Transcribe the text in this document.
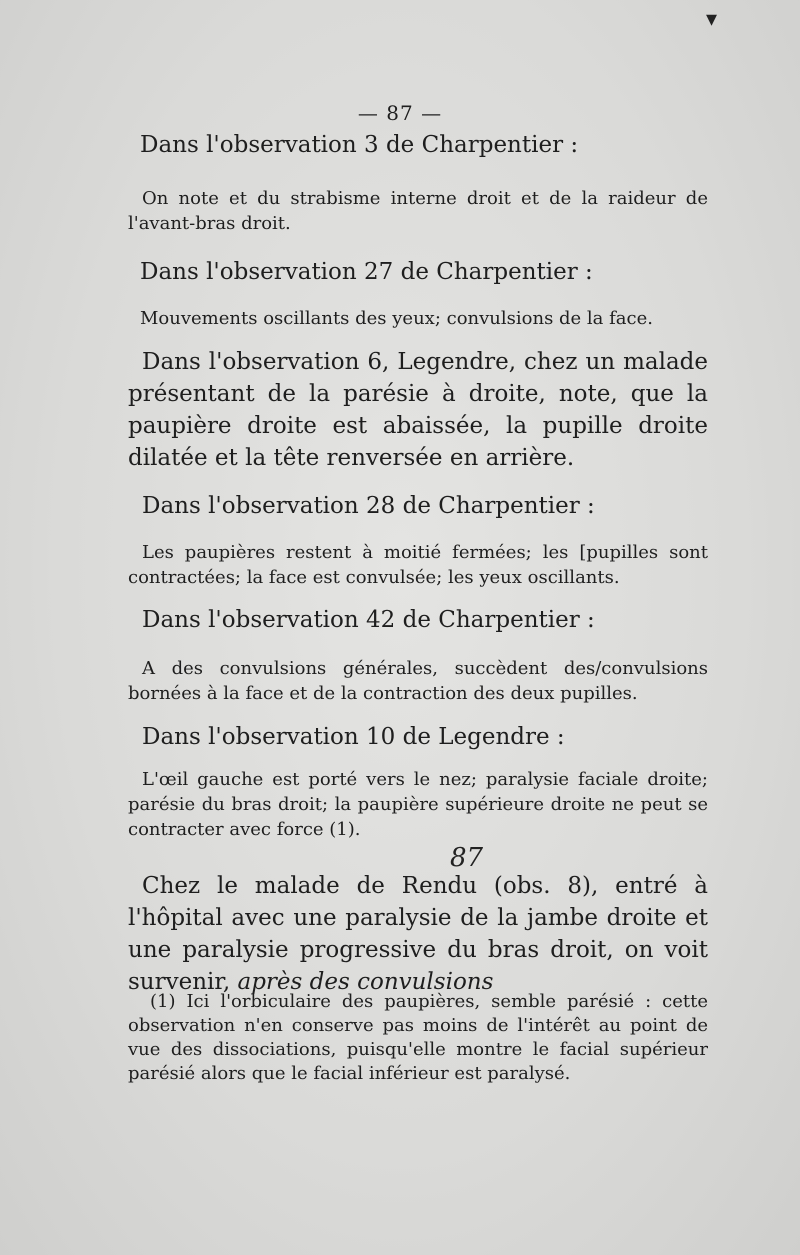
▾
— 87 —
Dans l'observation 3 de Charpentier :
On note et du strabisme interne droit et de la raideur de l'avant-bras droit.
Dans l'observation 27 de Charpentier :
Mouvements oscillants des yeux; convulsions de la face.
Dans l'observation 6, Legendre, chez un malade présentant de la parésie à droite, note, que la paupière droite est abaissée, la pupille droite dilatée et la tête renversée en arrière.
Dans l'observation 28 de Charpentier :
Les paupières restent à moitié fermées; les [pupilles sont contractées; la face est convulsée; les yeux oscillants.
Dans l'observation 42 de Charpentier :
A des convulsions générales, succèdent des/convulsions bornées à la face et de la contraction des deux pupilles.
Dans l'observation 10 de Legendre :
L'œil gauche est porté vers le nez; paralysie faciale droite; parésie du bras droit; la paupière supérieure droite ne peut se contracter avec force (1).
87
Chez le malade de Rendu (obs. 8), entré à l'hôpital avec une paralysie de la jambe droite et une paralysie progressive du bras droit, on voit survenir, après des convulsions
(1) Ici l'orbiculaire des paupières, semble parésié : cette observation n'en conserve pas moins de l'intérêt au point de vue des dissociations, puisqu'elle montre le facial supérieur parésié alors que le facial inférieur est paralysé.
